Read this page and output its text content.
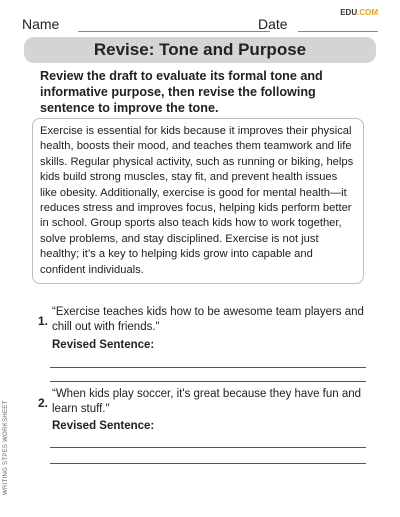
Name	Date
EDU.COM
Revise: Tone and Purpose
Review the draft to evaluate its formal tone and informative purpose, then revise the following sentence to improve the tone.
Exercise is essential for kids because it improves their physical health, boosts their mood, and teaches them teamwork and life skills. Regular physical activity, such as running or biking, helps kids build strong muscles, stay fit, and prevent health issues like obesity. Additionally, exercise is good for mental health—it reduces stress and improves focus, helping kids perform better in school. Group sports also teach kids how to work together, solve problems, and stay disciplined. Exercise is not just healthy; it’s a key to helping kids grow into capable and confident individuals.
1.
“Exercise teaches kids how to be awesome team players and chill out with friends."
Revised Sentence:
2.
“When kids play soccer, it's great because they have fun and learn stuff."
Revised Sentence:
WRITING STPES WORKSHEET
